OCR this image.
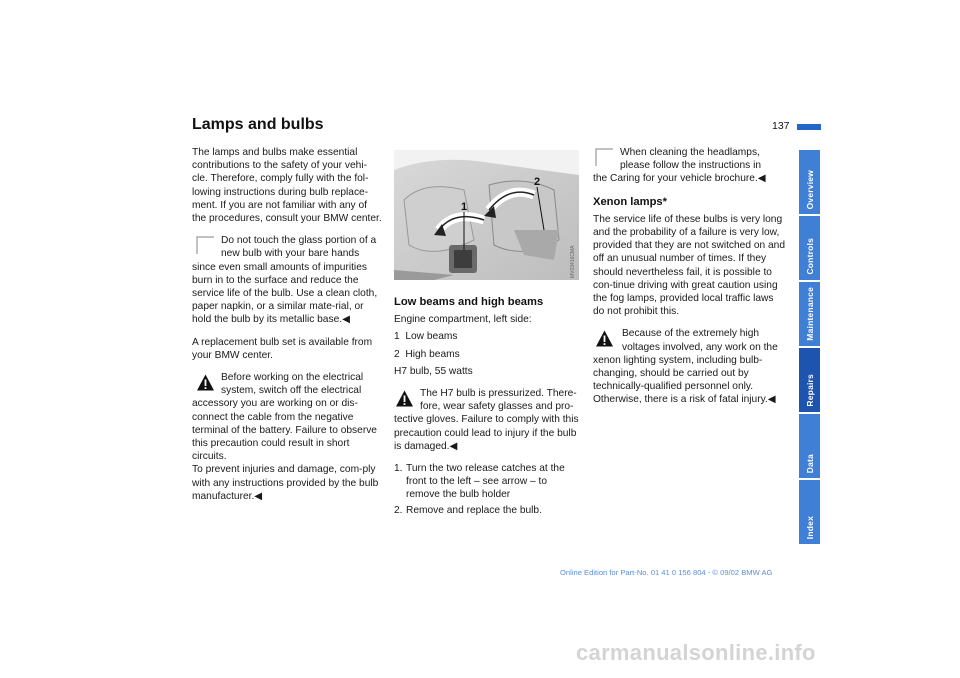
Lamps and bulbs	137

The lamps and bulbs make essential contributions to the safety of your vehi-cle. Therefore, comply fully with the fol-lowing instructions during bulb replace-ment. If you are not familiar with any of the procedures, consult your BMW center.

Do not touch the glass portion of a new bulb with your bare hands
since even small amounts of impurities burn in to the surface and reduce the service life of the bulb. Use a clean cloth, paper napkin, or a similar mate-rial, or hold the bulb by its metallic base.◀

A replacement bulb set is available from your BMW center.

Before working on the electrical system, switch off the electrical
accessory you are working on or dis-connect the cable from the negative terminal of the battery. Failure to observe this precaution could result in short circuits.
To prevent injuries and damage, com-ply with any instructions provided by the bulb manufacturer.◀
1
2
MV03416CMA
Low beams and high beams

Engine compartment, left side:

1 Low beams
2 High beams

H7 bulb, 55 watts

The H7 bulb is pressurized. There-fore, wear safety glasses and pro-
tective gloves. Failure to comply with this precaution could lead to injury if the bulb is damaged.◀
1. Turn the two release catches at the front to the left – see arrow – to remove the bulb holder
2. Remove and replace the bulb.
When cleaning the headlamps, please follow the instructions in
the Caring for your vehicle brochure.◀
Xenon lamps*

The service life of these bulbs is very long and the probability of a failure is very low, provided that they are not switched on and off an unusual number of times. If they should nevertheless fail, it is possible to con-tinue driving with great caution using the fog lamps, provided local traffic laws do not prohibit this.

Because of the extremely high voltages involved, any work on the
xenon lighting system, including bulb-changing, should be carried out by technically-qualified personnel only. Otherwise, there is a risk of fatal injury.◀
Overview
Controls
Maintenance
Repairs
Data
Index
Online Edition for Part-No. 01 41 0 156 804 - © 09/02 BMW AG
carmanualsonline.info
